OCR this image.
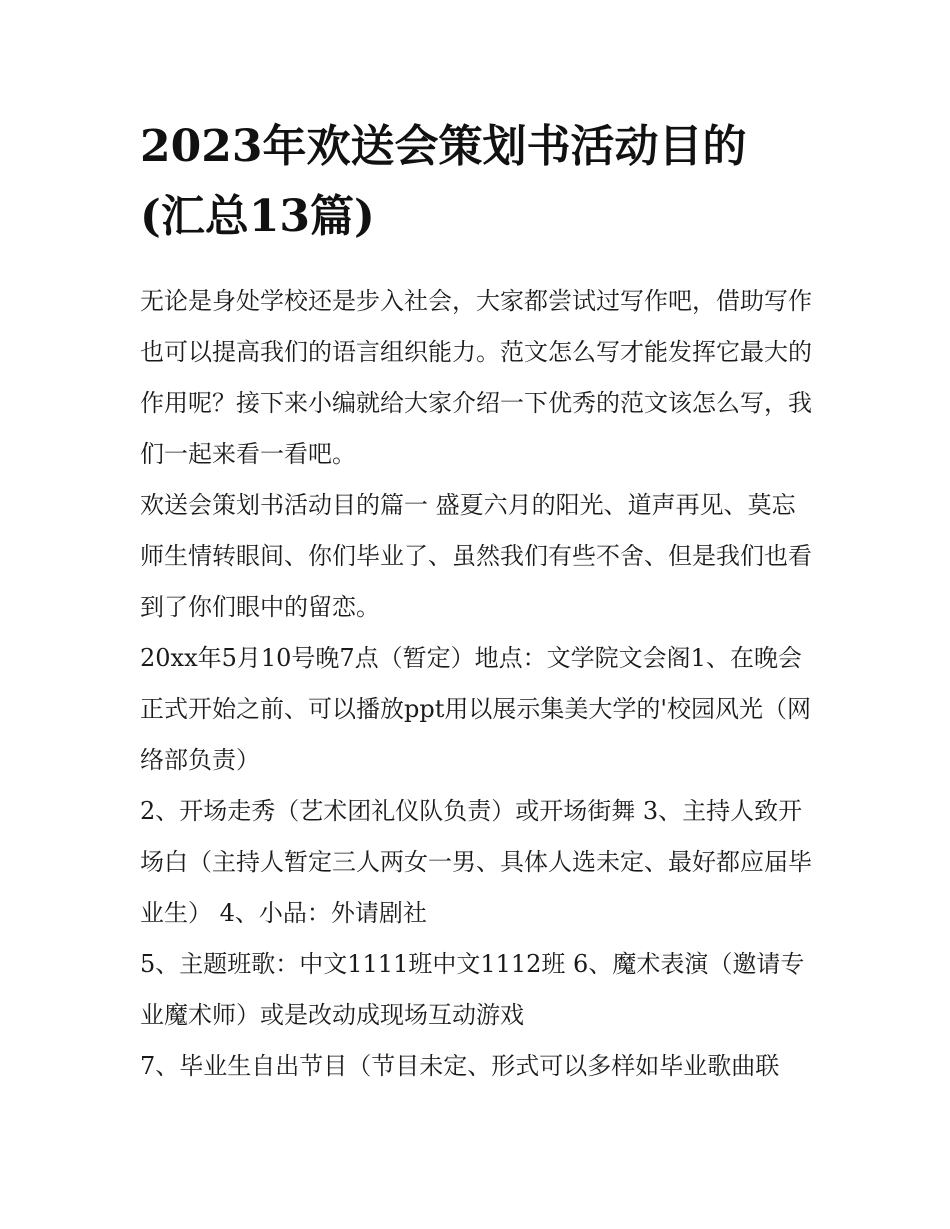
2023年欢送会策划书活动目的
(汇总13篇)

无论是身处学校还是步入社会，大家都尝试过写作吧，借助写作也可以提高我们的语言组织能力。范文怎么写才能发挥它最大的作用呢？接下来小编就给大家介绍一下优秀的范文该怎么写，我们一起来看一看吧。

欢送会策划书活动目的篇一 盛夏六月的阳光、道声再见、莫忘师生情转眼间、你们毕业了、虽然我们有些不舍、但是我们也看到了你们眼中的留恋。

20xx年5月10号晚7点（暂定）地点：文学院文会阁1、在晚会正式开始之前、可以播放ppt用以展示集美大学的'校园风光（网络部负责）

2、开场走秀（艺术团礼仪队负责）或开场街舞 3、主持人致开场白（主持人暂定三人两女一男、具体人选未定、最好都应届毕业生） 4、小品：外请剧社

5、主题班歌：中文1111班中文1112班 6、魔术表演（邀请专业魔术师）或是改动成现场互动游戏

7、毕业生自出节目（节目未定、形式可以多样如毕业歌曲联
